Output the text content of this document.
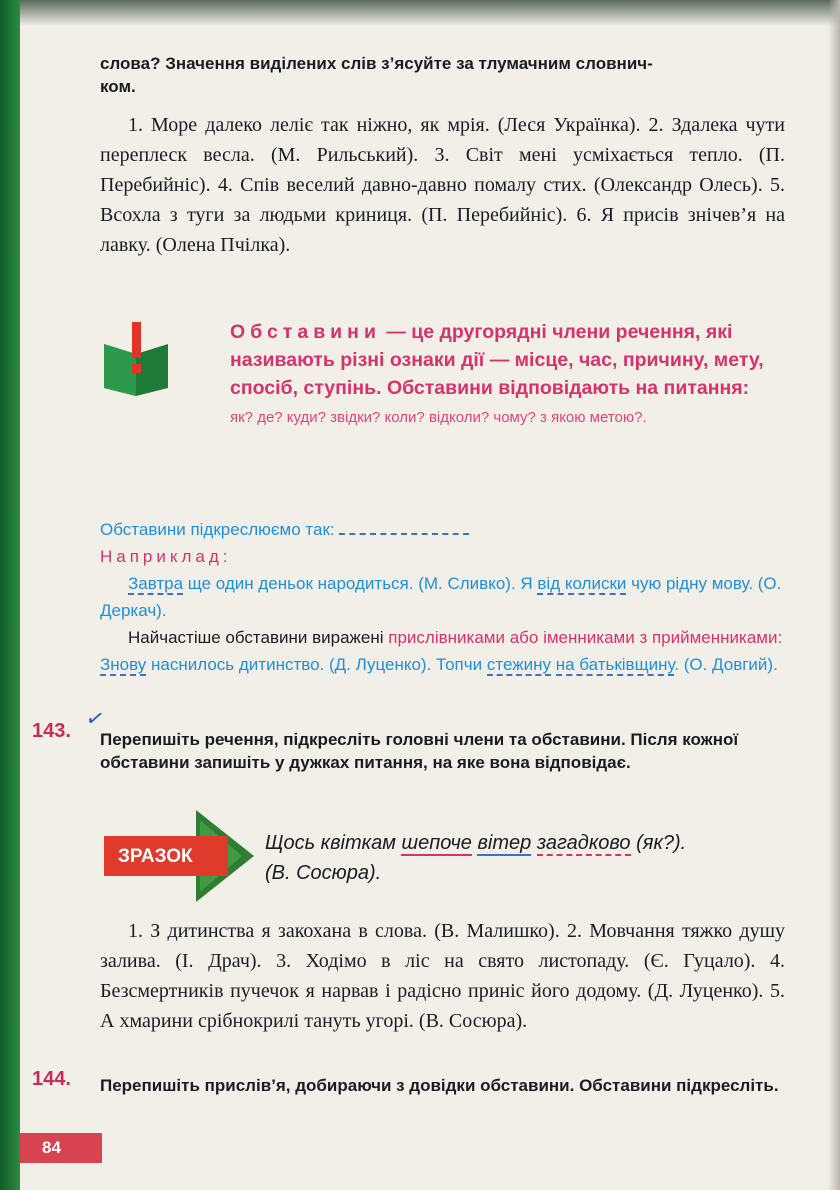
слова? Значення виділених слів з’ясуйте за тлумачним словнич-
ком.

1. Море далеко леліє так ніжно, як мрія. (Леся Українка). 2. Здалека чути переплеск весла. (М. Рильський). 3. Світ мені усміхається тепло. (П. Перебийніс). 4. Спів веселий давно-давно помалу стих. (Олександр Олесь). 5. Всохла з туги за людьми криниця. (П. Перебийніс). 6. Я присів знічев’я на лавку. (Олена Пчілка).

Обставини — це другорядні члени речення, які називають різні ознаки дії — місце, час, причину, мету, спосіб, ступінь. Обставини відповідають на питання: як? де? куди? звідки? коли? відколи? чому? з якою метою?.
Обставини підкреслюємо так:
Наприклад:
Завтра ще один деньок народиться. (М. Сливко). Я від колиски чую рідну мову. (О. Деркач).
Найчастіше обставини виражені прислівниками або іменниками з прийменниками: Знову наснилось дитинство. (Д. Луценко). Топчи стежину на батьківщину. (О. Довгий).
✓
143. Перепишіть речення, підкресліть головні члени та обставини. Після кожної обставини запишіть у дужках питання, на яке вона відповідає.
ЗРАЗОК
Щось квіткам шепоче вітер загадково (як?).
(В. Сосюра).

1. З дитинства я закохана в слова. (В. Малишко). 2. Мовчання тяжко душу залива. (І. Драч). 3. Ходімо в ліс на свято листопаду. (Є. Гуцало). 4. Безсмертників пучечок я нарвав і радісно приніс його додому. (Д. Луценко). 5. А хмарини срібнокрилі тануть угорі. (В. Сосюра).

144. Перепишіть прислів’я, добираючи з довідки обставини. Обставини підкресліть.
84
